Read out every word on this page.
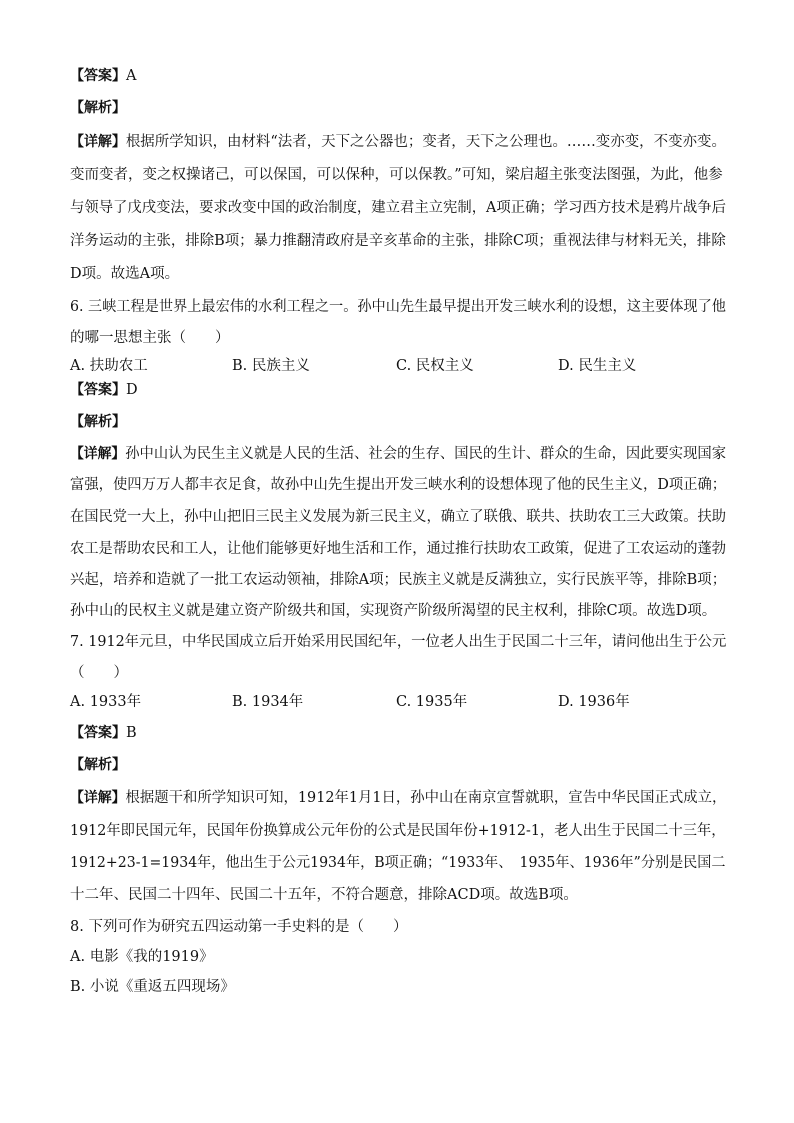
【答案】A
【解析】
【详解】根据所学知识，由材料“法者，天下之公器也；变者，天下之公理也。……变亦变，不变亦变。
变而变者，变之权操诸己，可以保国，可以保种，可以保教。”可知，梁启超主张变法图强，为此，他参
与领导了戊戌变法，要求改变中国的政治制度，建立君主立宪制，A项正确；学习西方技术是鸦片战争后
洋务运动的主张，排除B项；暴力推翻清政府是辛亥革命的主张，排除C项；重视法律与材料无关，排除
D项。故选A项。
6. 三峡工程是世界上最宏伟的水利工程之一。孙中山先生最早提出开发三峡水利的设想，这主要体现了他
的哪一思想主张（　　）
A. 扶助农工	B. 民族主义	C. 民权主义	D. 民生主义
【答案】D
【解析】
【详解】孙中山认为民生主义就是人民的生活、社会的生存、国民的生计、群众的生命，因此要实现国家
富强，使四万万人都丰衣足食，故孙中山先生提出开发三峡水利的设想体现了他的民生主义，D项正确；
在国民党一大上，孙中山把旧三民主义发展为新三民主义，确立了联俄、联共、扶助农工三大政策。扶助
农工是帮助农民和工人，让他们能够更好地生活和工作，通过推行扶助农工政策，促进了工农运动的蓬勃
兴起，培养和造就了一批工农运动领袖，排除A项；民族主义就是反满独立，实行民族平等，排除B项；
孙中山的民权主义就是建立资产阶级共和国，实现资产阶级所渴望的民主权利，排除C项。故选D项。
7. 1912年元旦，中华民国成立后开始采用民国纪年，一位老人出生于民国二十三年，请问他出生于公元
（　　）
A. 1933年	B. 1934年	C. 1935年	D. 1936年
【答案】B
【解析】
【详解】根据题干和所学知识可知，1912年1月1日，孙中山在南京宣誓就职，宣告中华民国正式成立，
1912年即民国元年，民国年份换算成公元年份的公式是民国年份+1912-1，老人出生于民国二十三年，
1912+23-1=1934年，他出生于公元1934年，B项正确；“1933年、　1935年、1936年”分别是民国二
十二年、民国二十四年、民国二十五年，不符合题意，排除ACD项。故选B项。
8. 下列可作为研究五四运动第一手史料的是（　　）
A. 电影《我的1919》
B. 小说《重返五四现场》
